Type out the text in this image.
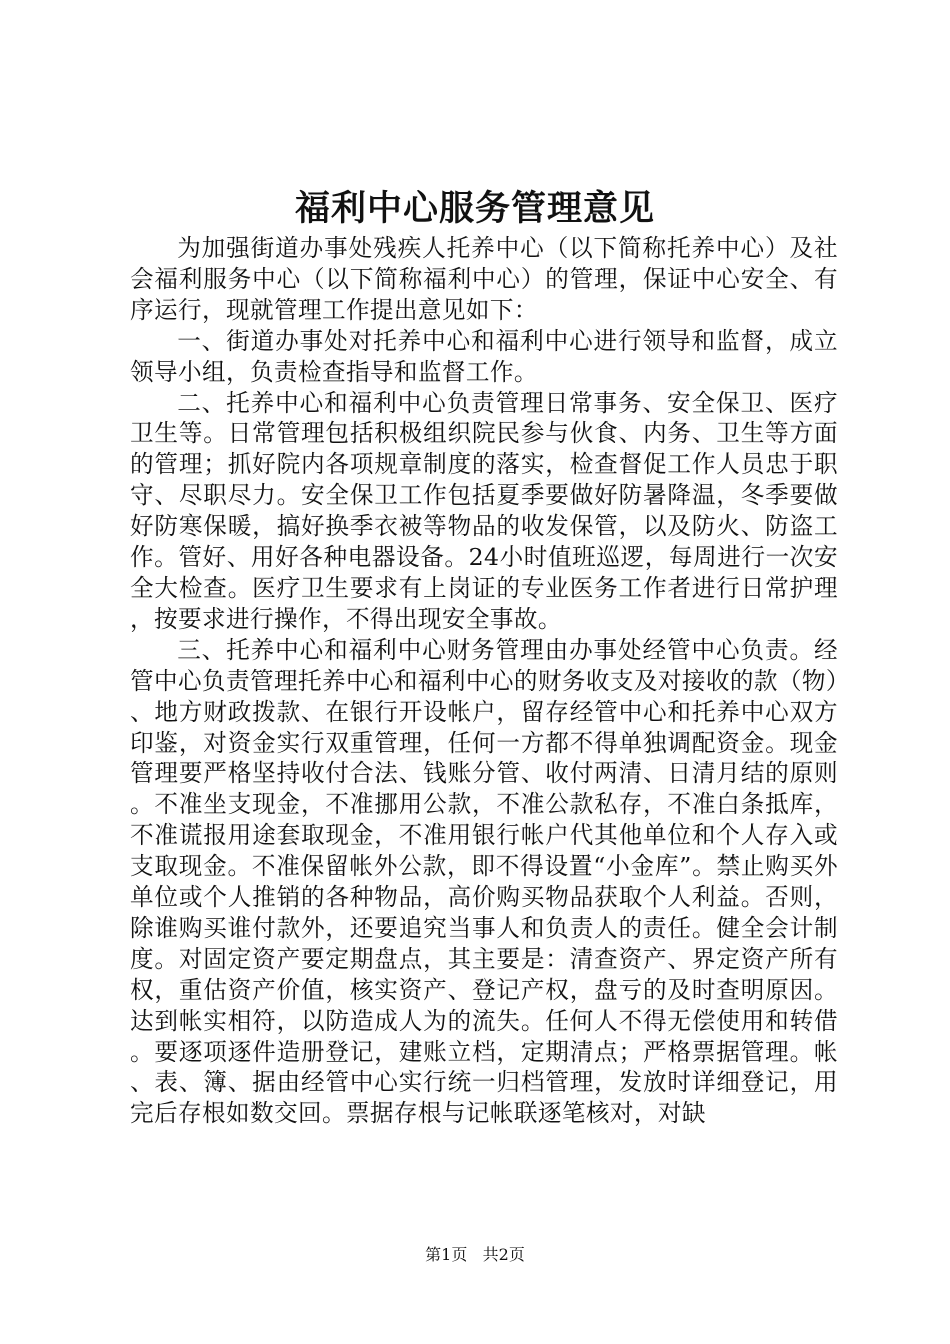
福利中心服务管理意见

为加强街道办事处残疾人托养中心（以下简称托养中心）及社会福利服务中心（以下简称福利中心）的管理，保证中心安全、有序运行，现就管理工作提出意见如下：

一、街道办事处对托养中心和福利中心进行领导和监督，成立领导小组，负责检查指导和监督工作。

二、托养中心和福利中心负责管理日常事务、安全保卫、医疗卫生等。日常管理包括积极组织院民参与伙食、内务、卫生等方面的管理；抓好院内各项规章制度的落实，检查督促工作人员忠于职守、尽职尽力。安全保卫工作包括夏季要做好防暑降温，冬季要做好防寒保暖，搞好换季衣被等物品的收发保管，以及防火、防盗工作。管好、用好各种电器设备。24小时值班巡逻，每周进行一次安全大检查。医疗卫生要求有上岗证的专业医务工作者进行日常护理，按要求进行操作，不得出现安全事故。

三、托养中心和福利中心财务管理由办事处经管中心负责。经管中心负责管理托养中心和福利中心的财务收支及对接收的款（物）、地方财政拨款、在银行开设帐户，留存经管中心和托养中心双方印鉴，对资金实行双重管理，任何一方都不得单独调配资金。现金管理要严格坚持收付合法、钱账分管、收付两清、日清月结的原则。不准坐支现金，不准挪用公款，不准公款私存，不准白条抵库，不准谎报用途套取现金，不准用银行帐户代其他单位和个人存入或支取现金。不准保留帐外公款，即不得设置“小金库”。禁止购买外单位或个人推销的各种物品，高价购买物品获取个人利益。否则，除谁购买谁付款外，还要追究当事人和负责人的责任。健全会计制度。对固定资产要定期盘点，其主要是：清查资产、界定资产所有权，重估资产价值，核实资产、登记产权，盘亏的及时查明原因。达到帐实相符，以防造成人为的流失。任何人不得无偿使用和转借。要逐项逐件造册登记，建账立档，定期清点；严格票据管理。帐、表、簿、据由经管中心实行统一归档管理，发放时详细登记，用完后存根如数交回。票据存根与记帐联逐笔核对，对缺

第1页 共2页
